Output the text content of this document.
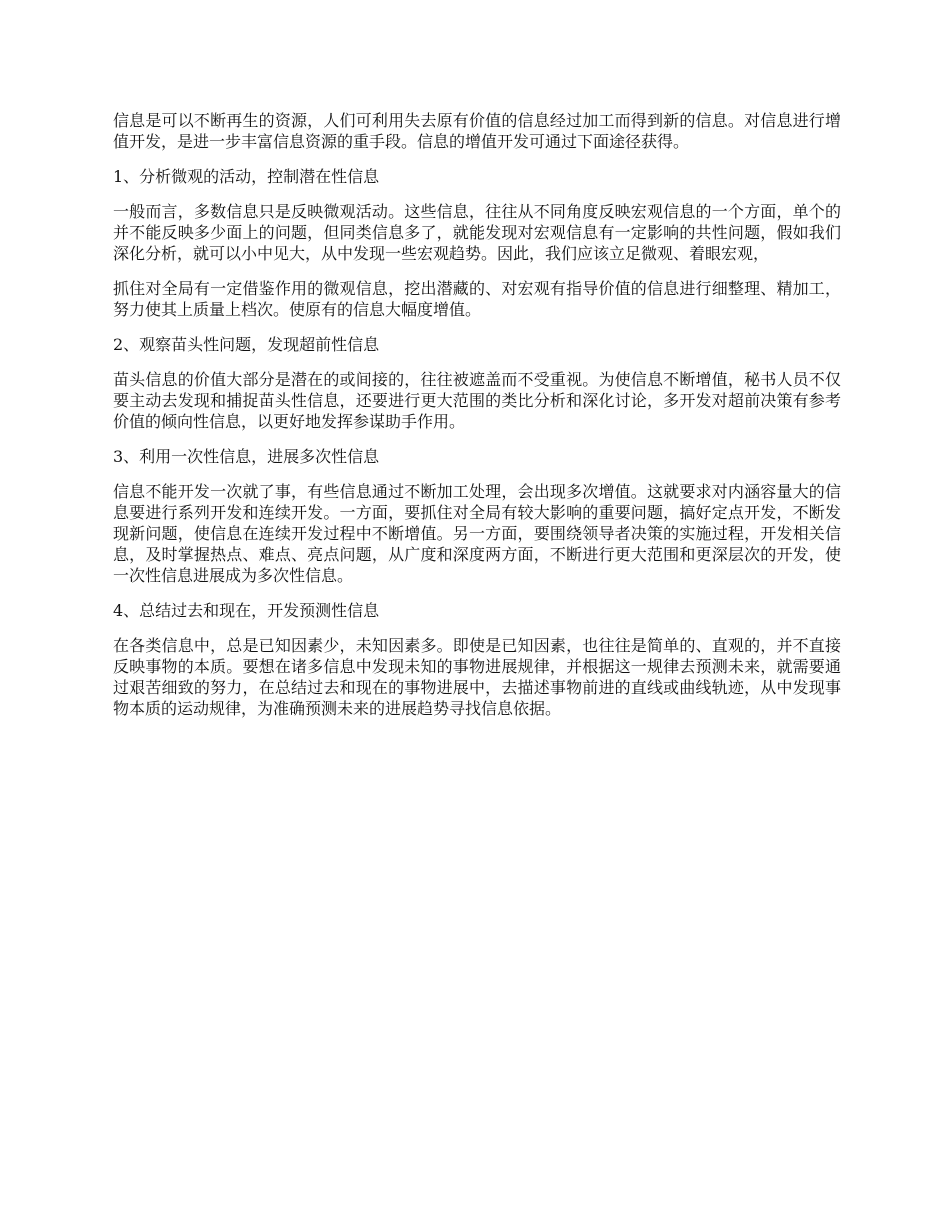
信息是可以不断再生的资源，人们可利用失去原有价值的信息经过加工而得到新的信息。对信息进行增值开发，是进一步丰富信息资源的重手段。信息的增值开发可通过下面途径获得。

1、分析微观的活动，控制潜在性信息

一般而言，多数信息只是反映微观活动。这些信息，往往从不同角度反映宏观信息的一个方面，单个的并不能反映多少面上的问题，但同类信息多了，就能发现对宏观信息有一定影响的共性问题，假如我们深化分析，就可以小中见大，从中发现一些宏观趋势。因此，我们应该立足微观、着眼宏观，

抓住对全局有一定借鉴作用的微观信息，挖出潜藏的、对宏观有指导价值的信息进行细整理、精加工，努力使其上质量上档次。使原有的信息大幅度增值。

2、观察苗头性问题，发现超前性信息

苗头信息的价值大部分是潜在的或间接的，往往被遮盖而不受重视。为使信息不断增值，秘书人员不仅要主动去发现和捕捉苗头性信息，还要进行更大范围的类比分析和深化讨论，多开发对超前决策有参考价值的倾向性信息，以更好地发挥参谋助手作用。

3、利用一次性信息，进展多次性信息

信息不能开发一次就了事，有些信息通过不断加工处理，会出现多次增值。这就要求对内涵容量大的信息要进行系列开发和连续开发。一方面，要抓住对全局有较大影响的重要问题，搞好定点开发，不断发现新问题，使信息在连续开发过程中不断增值。另一方面，要围绕领导者决策的实施过程，开发相关信息，及时掌握热点、难点、亮点问题，从广度和深度两方面，不断进行更大范围和更深层次的开发，使一次性信息进展成为多次性信息。

4、总结过去和现在，开发预测性信息

在各类信息中，总是已知因素少，未知因素多。即使是已知因素，也往往是简单的、直观的，并不直接反映事物的本质。要想在诸多信息中发现未知的事物进展规律，并根据这一规律去预测未来，就需要通过艰苦细致的努力，在总结过去和现在的事物进展中，去描述事物前进的直线或曲线轨迹，从中发现事物本质的运动规律，为准确预测未来的进展趋势寻找信息依据。
